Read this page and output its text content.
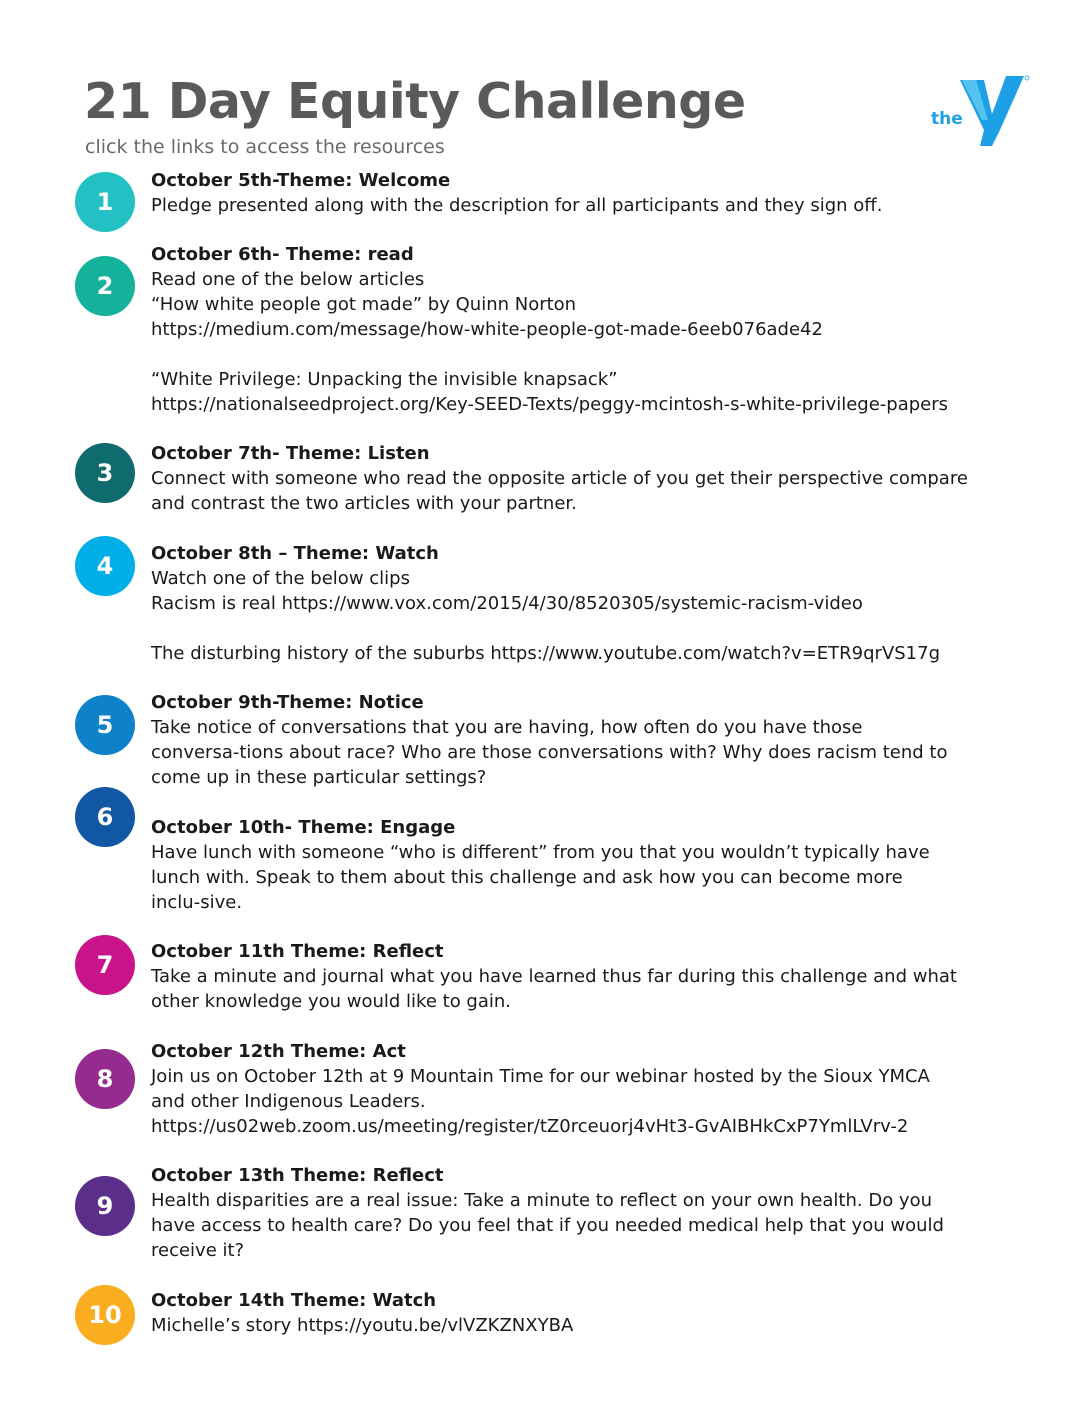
21 Day Equity Challenge
click the links to access the resources
the
1
2
3
4
5
6
7
8
9
10

October 5th-Theme: Welcome

Pledge presented along with the description for all participants and they sign off.

October 6th- Theme: read

Read one of the below articles

“How white people got made” by Quinn Norton

https://medium.com/message/how-white-people-got-made-6eeb076ade42

“White Privilege: Unpacking the invisible knapsack”

https://nationalseedproject.org/Key-SEED-Texts/peggy-mcintosh-s-white-privilege-papers

October 7th- Theme: Listen

Connect with someone who read the opposite article of you get their perspective compare

and contrast the two articles with your partner.

October 8th – Theme: Watch

Watch one of the below clips

Racism is real https://www.vox.com/2015/4/30/8520305/systemic-racism-video

The disturbing history of the suburbs https://www.youtube.com/watch?v=ETR9qrVS17g

October 9th-Theme: Notice

Take notice of conversations that you are having, how often do you have those

conversa-tions about race? Who are those conversations with? Why does racism tend to

come up in these particular settings?

October 10th- Theme: Engage

Have lunch with someone “who is different” from you that you wouldn’t typically have

lunch with. Speak to them about this challenge and ask how you can become more

inclu-sive.

October 11th Theme: Reflect

Take a minute and journal what you have learned thus far during this challenge and what

other knowledge you would like to gain.

October 12th Theme: Act

Join us on October 12th at 9 Mountain Time for our webinar hosted by the Sioux YMCA

and other Indigenous Leaders.

https://us02web.zoom.us/meeting/register/tZ0rceuorj4vHt3-GvAIBHkCxP7YmlLVrv-2

October 13th Theme: Reflect

Health disparities are a real issue: Take a minute to reflect on your own health. Do you

have access to health care? Do you feel that if you needed medical help that you would

receive it?

October 14th Theme: Watch

Michelle’s story https://youtu.be/vlVZKZNXYBA
